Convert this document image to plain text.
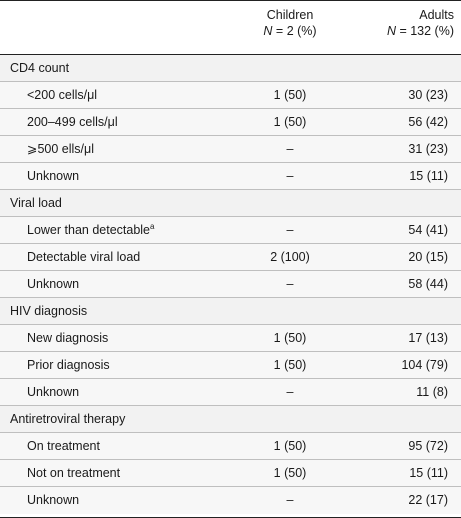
Children
N = 2 (%)
Adults
N = 132 (%)
CD4 count
<200 cells/μl	1 (50)	30 (23)
200–499 cells/μl	1 (50)	56 (42)
⩾500 ells/μl	–	31 (23)
Unknown	–	15 (11)
Viral load
Lower than detectable$^a$	–	54 (41)
Detectable viral load	2 (100)	20 (15)
Unknown	–	58 (44)
HIV diagnosis
New diagnosis	1 (50)	17 (13)
Prior diagnosis	1 (50)	104 (79)
Unknown	–	11 (8)
Antiretroviral therapy
On treatment	1 (50)	95 (72)
Not on treatment	1 (50)	15 (11)
Unknown	–	22 (17)
